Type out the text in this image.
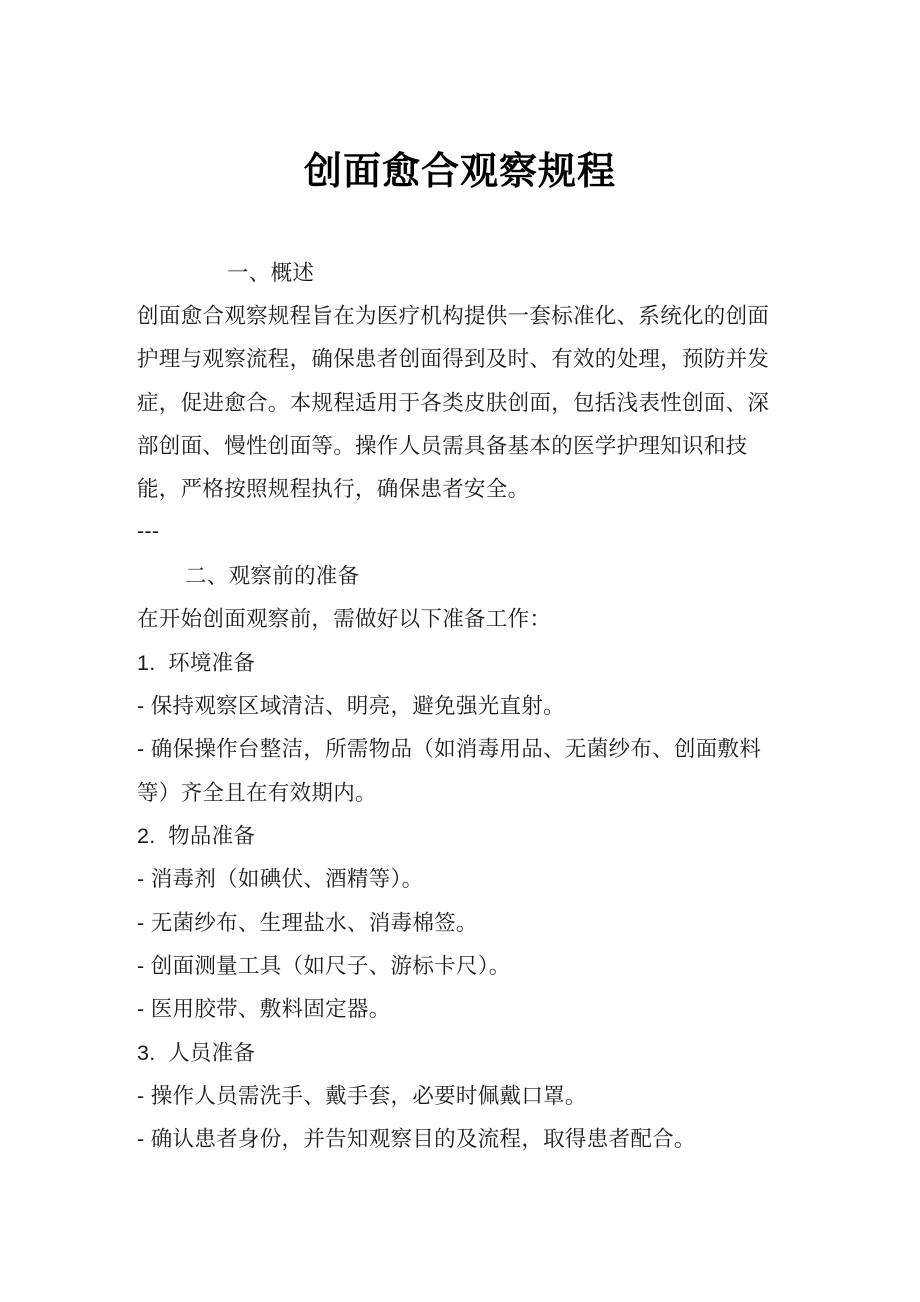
创面愈合观察规程
一、概述
创面愈合观察规程旨在为医疗机构提供一套标准化、系统化的创面
护理与观察流程，确保患者创面得到及时、有效的处理，预防并发
症，促进愈合。本规程适用于各类皮肤创面，包括浅表性创面、深
部创面、慢性创面等。操作人员需具备基本的医学护理知识和技
能，严格按照规程执行，确保患者安全。
---
二、观察前的准备
在开始创面观察前，需做好以下准备工作：
1.  环境准备
- 保持观察区域清洁、明亮，避免强光直射。
- 确保操作台整洁，所需物品（如消毒用品、无菌纱布、创面敷料
等）齐全且在有效期内。
2.  物品准备
- 消毒剂（如碘伏、酒精等）。
- 无菌纱布、生理盐水、消毒棉签。
- 创面测量工具（如尺子、游标卡尺）。
- 医用胶带、敷料固定器。
3.  人员准备
- 操作人员需洗手、戴手套，必要时佩戴口罩。
- 确认患者身份，并告知观察目的及流程，取得患者配合。
